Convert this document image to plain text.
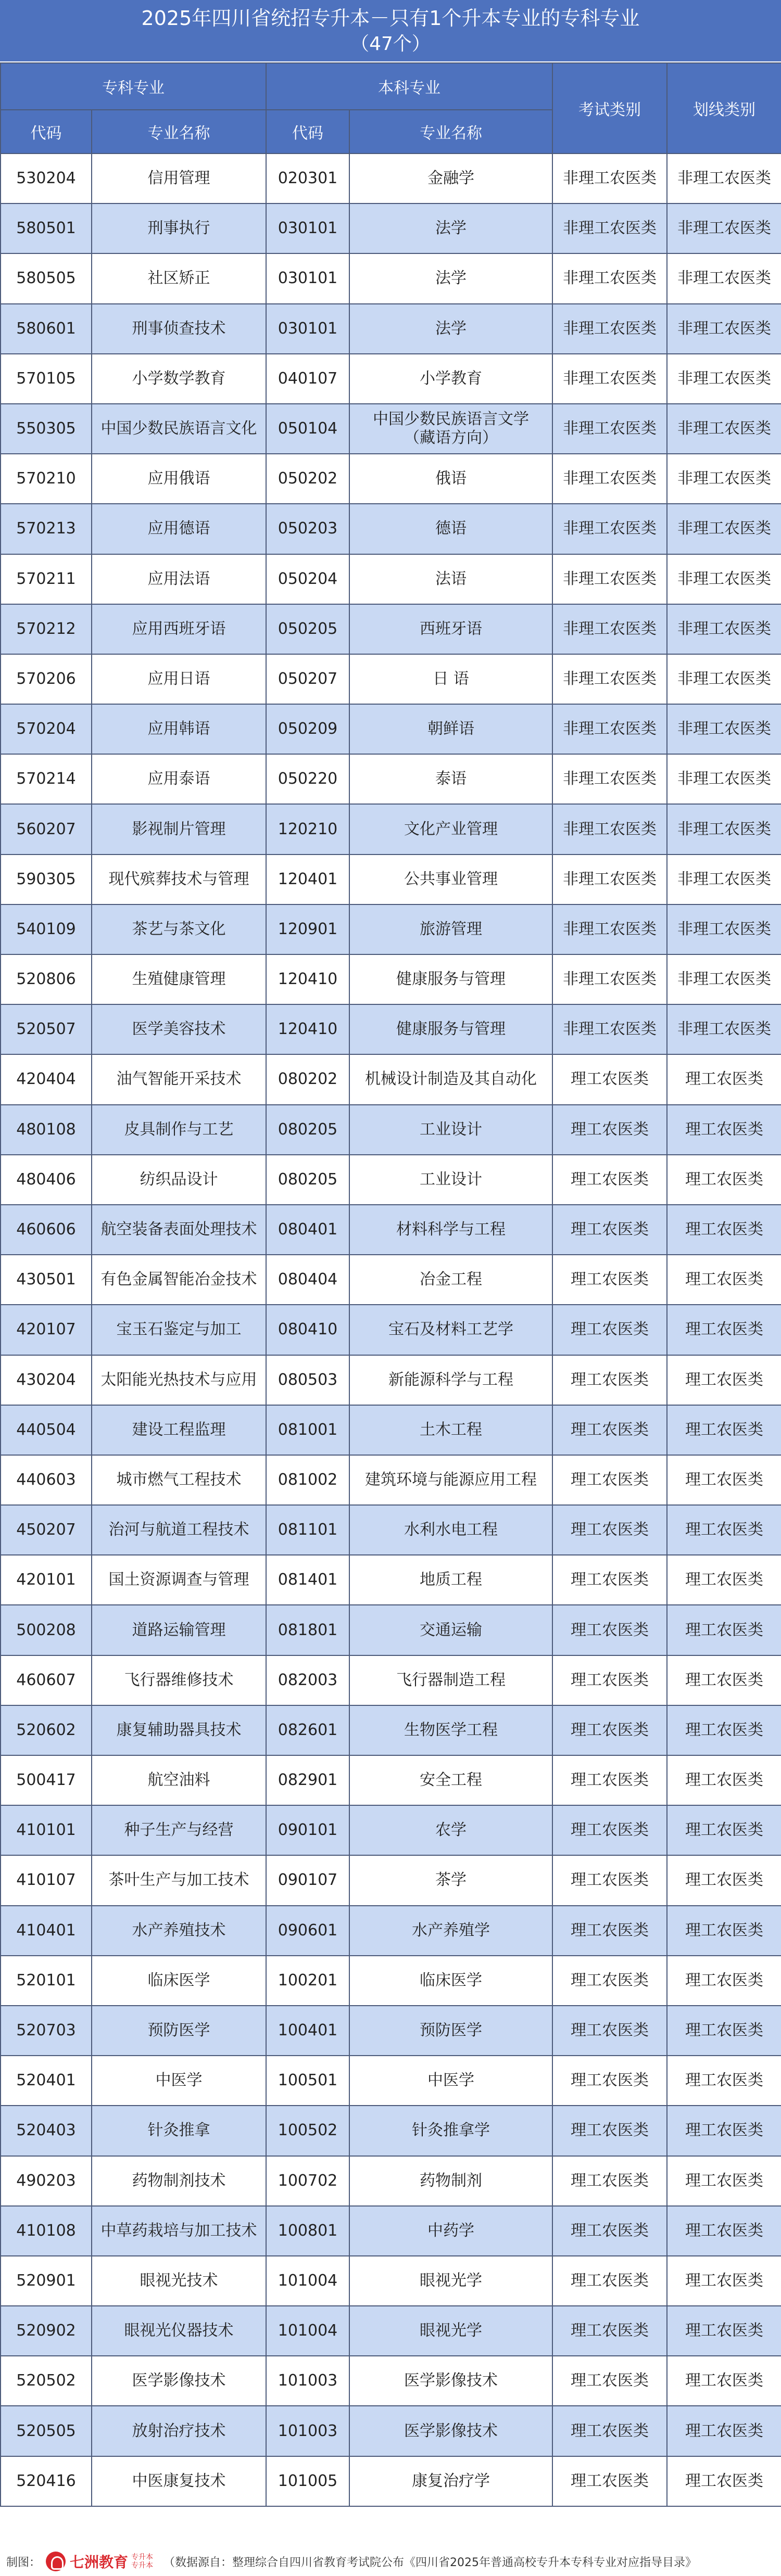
2025年四川省统招专升本－只有1个升本专业的专科专业
（47个）
专科专业		本科专业		考试类别	划线类别
代码	专业名称	代码	专业名称		
530204	信用管理	020301	金融学	非理工农医类	非理工农医类
580501	刑事执行	030101	法学	非理工农医类	非理工农医类
580505	社区矫正	030101	法学	非理工农医类	非理工农医类
580601	刑事侦查技术	030101	法学	非理工农医类	非理工农医类
570105	小学数学教育	040107	小学教育	非理工农医类	非理工农医类
550305	中国少数民族语言文化	050104	中国少数民族语言文学
（藏语方向）	非理工农医类	非理工农医类
570210	应用俄语	050202	俄语	非理工农医类	非理工农医类
570213	应用德语	050203	德语	非理工农医类	非理工农医类
570211	应用法语	050204	法语	非理工农医类	非理工农医类
570212	应用西班牙语	050205	西班牙语	非理工农医类	非理工农医类
570206	应用日语	050207	日 语	非理工农医类	非理工农医类
570204	应用韩语	050209	朝鲜语	非理工农医类	非理工农医类
570214	应用泰语	050220	泰语	非理工农医类	非理工农医类
560207	影视制片管理	120210	文化产业管理	非理工农医类	非理工农医类
590305	现代殡葬技术与管理	120401	公共事业管理	非理工农医类	非理工农医类
540109	茶艺与茶文化	120901	旅游管理	非理工农医类	非理工农医类
520806	生殖健康管理	120410	健康服务与管理	非理工农医类	非理工农医类
520507	医学美容技术	120410	健康服务与管理	非理工农医类	非理工农医类
420404	油气智能开采技术	080202	机械设计制造及其自动化	理工农医类	理工农医类
480108	皮具制作与工艺	080205	工业设计	理工农医类	理工农医类
480406	纺织品设计	080205	工业设计	理工农医类	理工农医类
460606	航空装备表面处理技术	080401	材料科学与工程	理工农医类	理工农医类
430501	有色金属智能冶金技术	080404	冶金工程	理工农医类	理工农医类
420107	宝玉石鉴定与加工	080410	宝石及材料工艺学	理工农医类	理工农医类
430204	太阳能光热技术与应用	080503	新能源科学与工程	理工农医类	理工农医类
440504	建设工程监理	081001	土木工程	理工农医类	理工农医类
440603	城市燃气工程技术	081002	建筑环境与能源应用工程	理工农医类	理工农医类
450207	治河与航道工程技术	081101	水利水电工程	理工农医类	理工农医类
420101	国土资源调查与管理	081401	地质工程	理工农医类	理工农医类
500208	道路运输管理	081801	交通运输	理工农医类	理工农医类
460607	飞行器维修技术	082003	飞行器制造工程	理工农医类	理工农医类
520602	康复辅助器具技术	082601	生物医学工程	理工农医类	理工农医类
500417	航空油料	082901	安全工程	理工农医类	理工农医类
410101	种子生产与经营	090101	农学	理工农医类	理工农医类
410107	茶叶生产与加工技术	090107	茶学	理工农医类	理工农医类
410401	水产养殖技术	090601	水产养殖学	理工农医类	理工农医类
520101	临床医学	100201	临床医学	理工农医类	理工农医类
520703	预防医学	100401	预防医学	理工农医类	理工农医类
520401	中医学	100501	中医学	理工农医类	理工农医类
520403	针灸推拿	100502	针灸推拿学	理工农医类	理工农医类
490203	药物制剂技术	100702	药物制剂	理工农医类	理工农医类
410108	中草药栽培与加工技术	100801	中药学	理工农医类	理工农医类
520901	眼视光技术	101004	眼视光学	理工农医类	理工农医类
520902	眼视光仪器技术	101004	眼视光学	理工农医类	理工农医类
520502	医学影像技术	101003	医学影像技术	理工农医类	理工农医类
520505	放射治疗技术	101003	医学影像技术	理工农医类	理工农医类
520416	中医康复技术	101005	康复治疗学	理工农医类	理工农医类
制图： 七洲教育 专升本
专升本 （数据源自：整理综合自四川省教育考试院公布《四川省2025年普通高校专升本专科专业对应指导目录》
